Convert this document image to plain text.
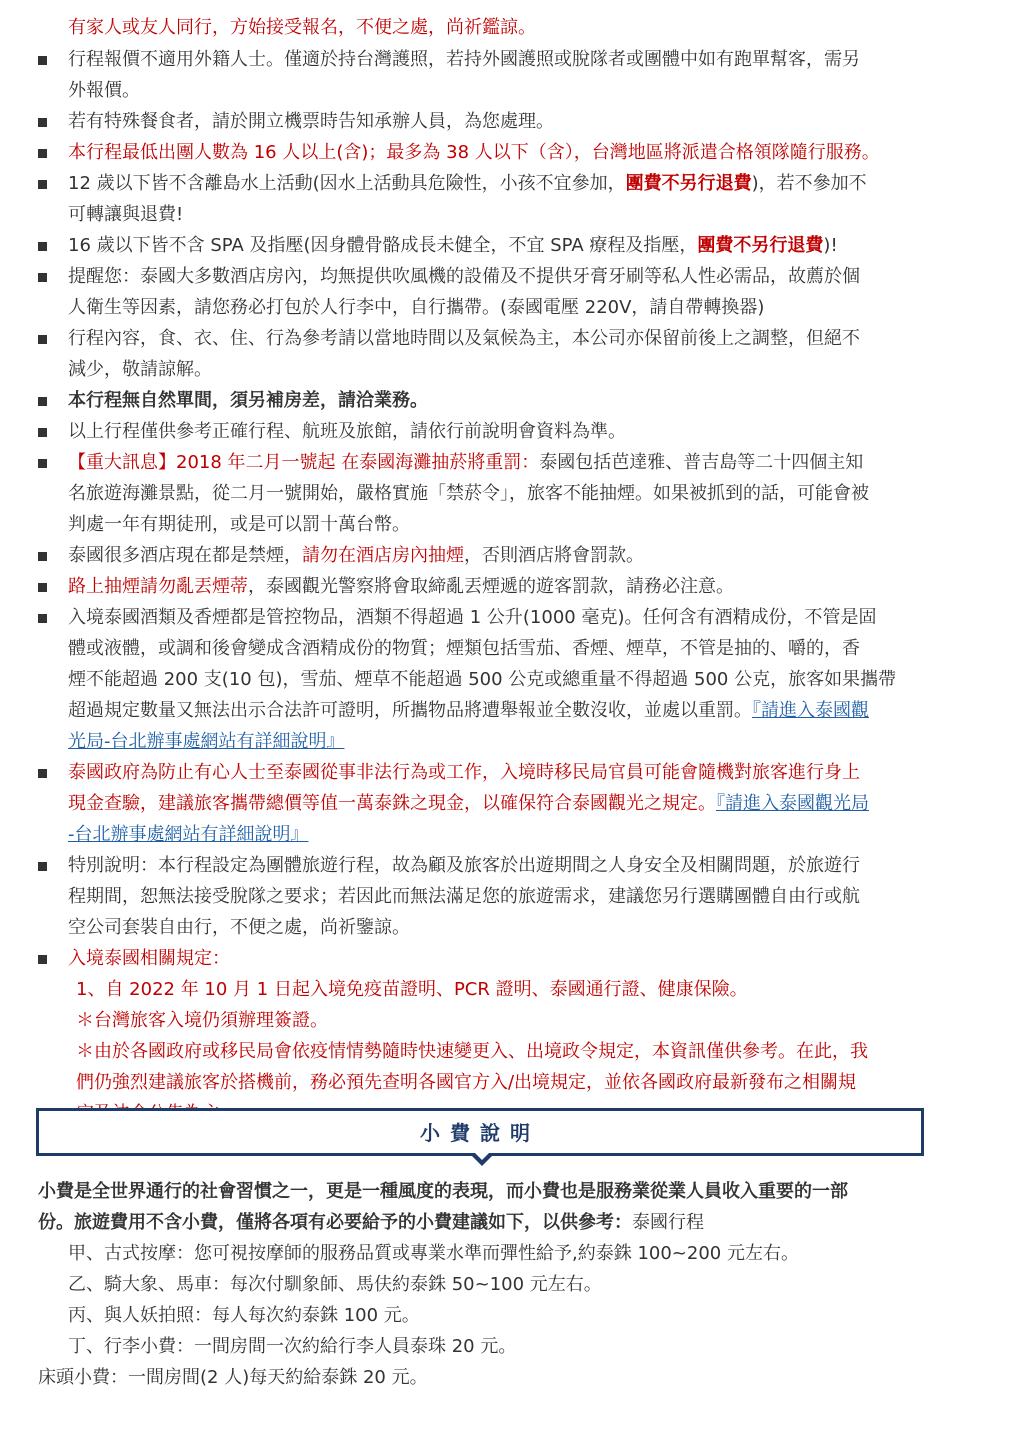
有家人或友人同行，方始接受報名，不便之處，尚祈鑑諒。
行程報價不適用外籍人士。僅適於持台灣護照，若持外國護照或脫隊者或團體中如有跑單幫客，需另
外報價。
若有特殊餐食者，請於開立機票時告知承辦人員，為您處理。
本行程最低出團人數為 16 人以上(含)；最多為 38 人以下（含），台灣地區將派遣合格領隊隨行服務。
12 歲以下皆不含離島水上活動(因水上活動具危險性，小孩不宜參加，團費不另行退費)，若不參加不
可轉讓與退費!
16 歲以下皆不含 SPA 及指壓(因身體骨骼成長未健全，不宜 SPA 療程及指壓，團費不另行退費)!
提醒您：泰國大多數酒店房內，均無提供吹風機的設備及不提供牙膏牙刷等私人性必需品，故薦於個
人衛生等因素，請您務必打包於人行李中，自行攜帶。(泰國電壓 220V，請自帶轉換器)
行程內容，食、衣、住、行為參考請以當地時間以及氣候為主，本公司亦保留前後上之調整，但絕不
減少，敬請諒解。
本行程無自然單間，須另補房差，請洽業務。
以上行程僅供參考正確行程、航班及旅館，請依行前說明會資料為準。
【重大訊息】2018 年二月一號起 在泰國海灘抽菸將重罰：泰國包括芭達雅、普吉島等二十四個主知
名旅遊海灘景點，從二月一號開始，嚴格實施「禁菸令」，旅客不能抽煙。如果被抓到的話，可能會被
判處一年有期徒刑，或是可以罰十萬台幣。
泰國很多酒店現在都是禁煙，請勿在酒店房內抽煙，否則酒店將會罰款。
路上抽煙請勿亂丟煙蒂，泰國觀光警察將會取締亂丟煙遞的遊客罰款，請務必注意。
入境泰國酒類及香煙都是管控物品，酒類不得超過 1 公升(1000 毫克)。任何含有酒精成份，不管是固
體或液體，或調和後會變成含酒精成份的物質；煙類包括雪茄、香煙、煙草，不管是抽的、嚼的，香
煙不能超過 200 支(10 包)，雪茄、煙草不能超過 500 公克或總重量不得超過 500 公克，旅客如果攜帶
超過規定數量又無法出示合法許可證明，所攜物品將遭舉報並全數沒收，並處以重罰。『請進入泰國觀
光局-台北辦事處網站有詳細說明』
泰國政府為防止有心人士至泰國從事非法行為或工作，入境時移民局官員可能會隨機對旅客進行身上
現金查驗，建議旅客攜帶總價等值一萬泰銖之現金，以確保符合泰國觀光之規定。『請進入泰國觀光局
-台北辦事處網站有詳細說明』
特別說明：本行程設定為團體旅遊行程，故為顧及旅客於出遊期間之人身安全及相關問題，於旅遊行
程期間，恕無法接受脫隊之要求；若因此而無法滿足您的旅遊需求，建議您另行選購團體自由行或航
空公司套裝自由行，不便之處，尚祈鑒諒。
入境泰國相關規定：
1、自 2022 年 10 月 1 日起入境免疫苗證明、PCR 證明、泰國通行證、健康保險。
＊台灣旅客入境仍須辦理簽證。
＊由於各國政府或移民局會依疫情情勢隨時快速變更入、出境政令規定，本資訊僅供參考。在此，我
們仍強烈建議旅客於搭機前，務必預先查明各國官方入/出境規定，並依各國政府最新發布之相關規
小費說明
小費是全世界通行的社會習慣之一，更是一種風度的表現，而小費也是服務業從業人員收入重要的一部
份。旅遊費用不含小費，僅將各項有必要給予的小費建議如下，以供參考：泰國行程
甲、古式按摩：您可視按摩師的服務品質或專業水準而彈性給予,約泰銖 100~200 元左右。
乙、騎大象、馬車：每次付馴象師、馬伕約泰銖 50~100 元左右。
丙、與人妖拍照：每人每次約泰銖 100 元。
丁、行李小費：一間房間一次約給行李人員泰珠 20 元。
床頭小費：一間房間(2 人)每天約給泰銖 20 元。
